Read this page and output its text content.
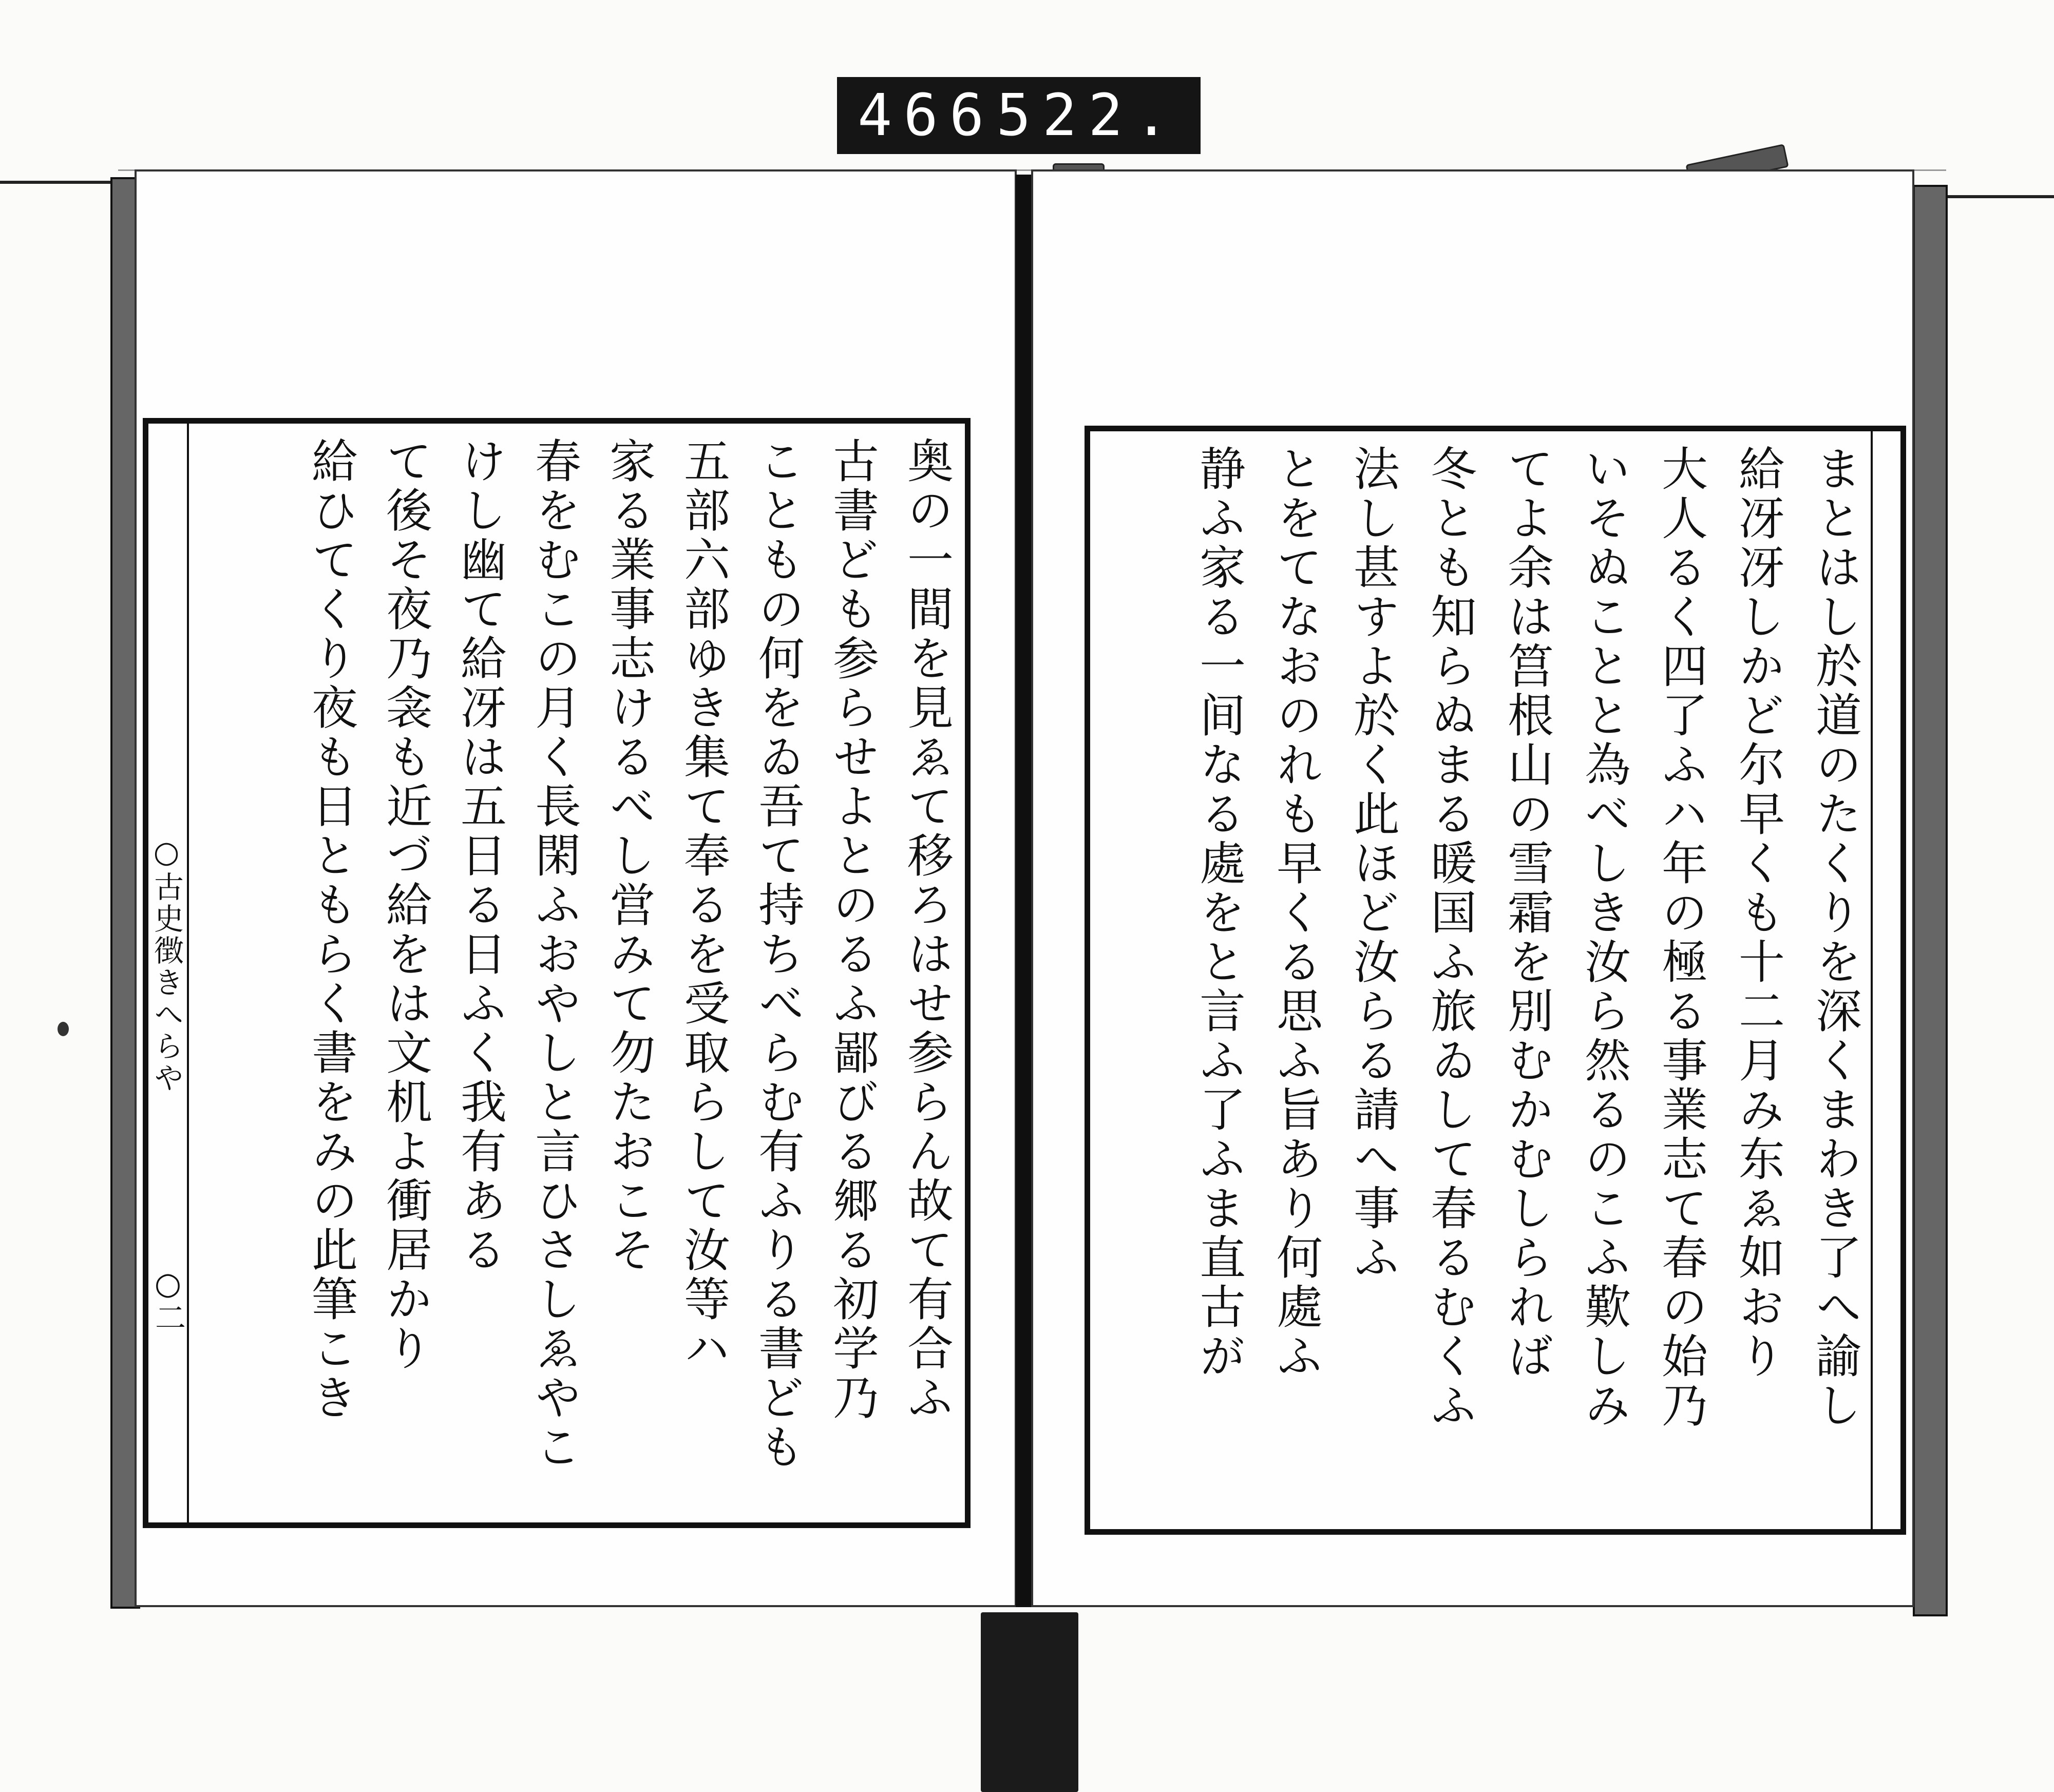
466 522.
奥の一間を見ゑて移ろはせ参らん故て有合ふ
古書ども参らせよとのるふ鄙びる郷る初学乃
こともの何をゐ吾て持ちべらむ有ふりる書ども
五部六部ゆき集て奉るを受取らして汝等ハ
家る業事志けるべし営みて勿たおこそ
春をむこの月く長閑ふおやしと言ひさしゑやこ
けし幽て給冴は五日る日ふく我有ある
て後そ夜乃衾も近づ給をは文机よ衝居かり
給ひてくり夜も日ともらく書をみの此筆こき
○古史徴きへらや
○二	まとはし於道のたくりを深くまわき了へ諭し
給冴冴しかど尔早くも十二月み东ゑ如おり
大人るく四了ふハ年の極る事業志て春の始乃
いそぬことと為べしき汝ら然るのこふ歎しみ
てよ余は筥根山の雪霜を別むかむしられば
冬とも知らぬまる暖国ふ旅ゐして春るむくふ
法し甚すよ於く此ほど汝らる請へ事ふ
とをてなおのれも早くる思ふ旨あり何處ふ
静ふ家る一间なる處をと言ふ了ふま直古が
